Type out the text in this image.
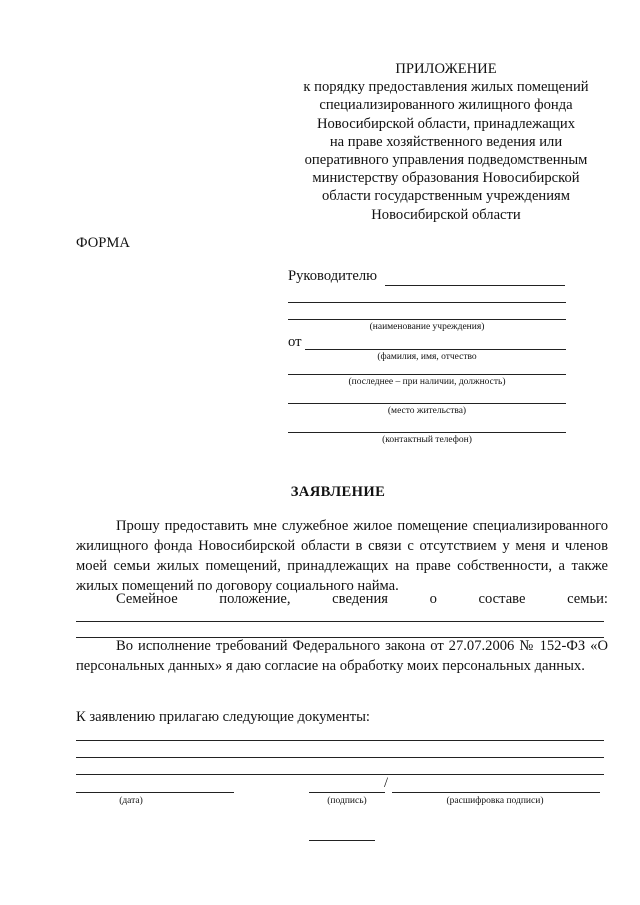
ПРИЛОЖЕНИЕ
к порядку предоставления жилых помещений
специализированного жилищного фонда
Новосибирской области, принадлежащих
на праве хозяйственного ведения или
оперативного управления подведомственным
министерству образования Новосибирской
области государственным учреждениям
Новосибирской области
ФОРМА
Руководителю
(наименование учреждения)
от
(фамилия, имя, отчество
(последнее – при наличии, должность)
(место жительства)
(контактный телефон)
ЗАЯВЛЕНИЕ
Прошу предоставить мне служебное жилое помещение специализированного жилищного фонда Новосибирской области в связи с отсутствием у меня и членов моей семьи жилых помещений, принадлежащих на праве собственности, а также жилых помещений по договору социального найма.
Семейное положение, сведения о составе семьи:
Во исполнение требований Федерального закона от 27.07.2006 № 152-ФЗ «О персональных данных» я даю согласие на обработку моих персональных данных.
К заявлению прилагаю следующие документы:
(дата)
/
(подпись)	(расшифровка подписи)
